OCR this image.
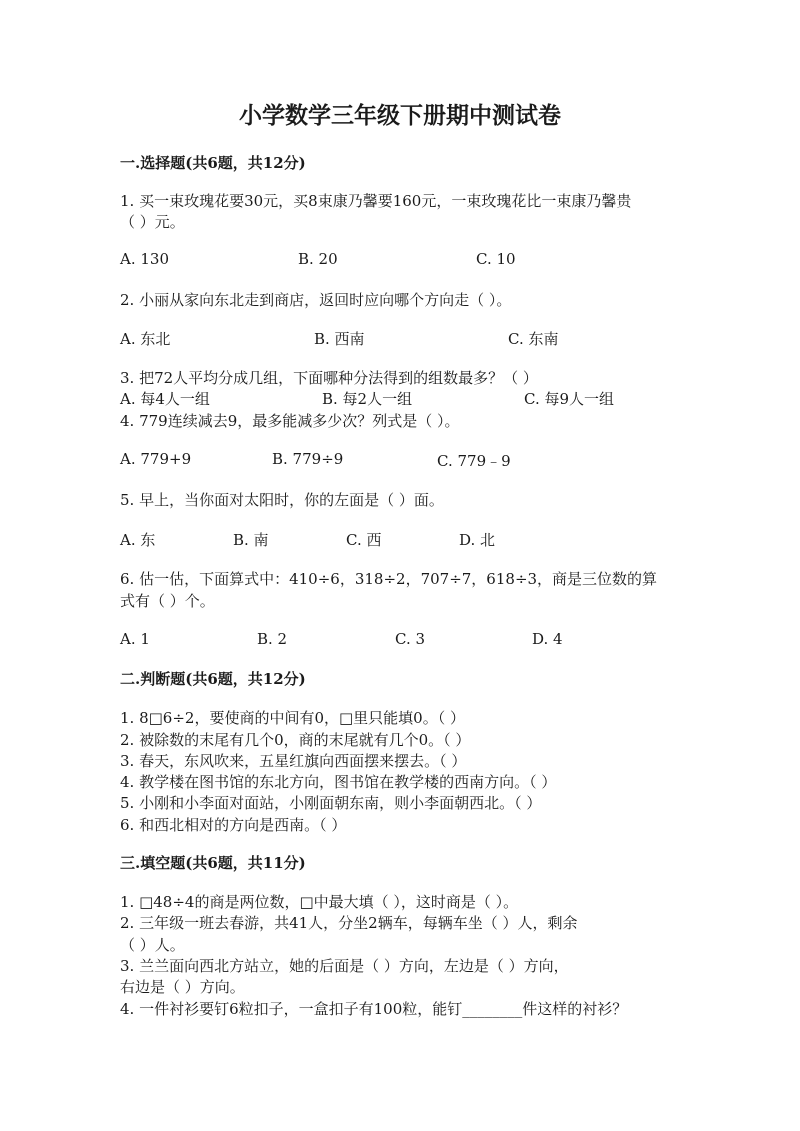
小学数学三年级下册期中测试卷
一.选择题(共6题，共12分)
1. 买一束玫瑰花要30元，买8束康乃馨要160元，一束玫瑰花比一束康乃馨贵
（ ）元。
A. 130	B. 20	C. 10
2. 小丽从家向东北走到商店，返回时应向哪个方向走（ ）。
A. 东北	B. 西南	C. 东南
3. 把72人平均分成几组，下面哪种分法得到的组数最多？（ ）
A. 每4人一组	B. 每2人一组	C. 每9人一组
4. 779连续减去9，最多能减多少次？列式是（ ）。
A. 779+9	B. 779÷9	C. 779﹣9
5. 早上，当你面对太阳时，你的左面是（ ）面。
A. 东	B. 南	C. 西	D. 北
6. 估一估，下面算式中：410÷6，318÷2，707÷7，618÷3，商是三位数的算
式有（ ）个。
A. 1	B. 2	C. 3	D. 4
二.判断题(共6题，共12分)
1. 8□6÷2，要使商的中间有0，□里只能填0。（ ）
2. 被除数的末尾有几个0，商的末尾就有几个0。（ ）
3. 春天，东风吹来，五星红旗向西面摆来摆去。（ ）
4. 教学楼在图书馆的东北方向，图书馆在教学楼的西南方向。（ ）
5. 小刚和小李面对面站，小刚面朝东南，则小李面朝西北。（ ）
6. 和西北相对的方向是西南。（ ）
三.填空题(共6题，共11分)
1. □48÷4的商是两位数，□中最大填（ ），这时商是（ ）。
2. 三年级一班去春游，共41人，分坐2辆车，每辆车坐（ ）人，剩余
（ ）人。
3. 兰兰面向西北方站立，她的后面是（ ）方向，左边是（ ）方向，
右边是（ ）方向。
4. 一件衬衫要钉6粒扣子，一盒扣子有100粒，能钉________件这样的衬衫？
